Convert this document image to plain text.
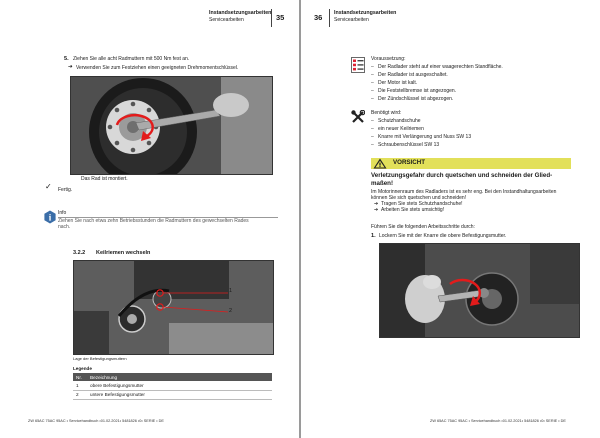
Instandsetzungsarbeiten
Servicearbeiten	35
5. Ziehen Sie alle acht Radmuttern mit 500 Nm fest an.
➔ Verwenden Sie zum Festziehen einen geeigneten Drehmomentschlüssel.
Das Rad ist montiert.
✓ Fertig.
i Info
Ziehen Sie nach etwa zehn Betriebsstunden die Radmuttern des gewechselten Rades
nach.
3.2.2 Keilriemen wechseln
1
2
Lage der Befestigungsmuttern
Legende
Nr.	Bezeichnung
1	obere Befestigungsmutter
2	untere Befestigungsmutter
ZW 65AC 75AC 95AC • Servicehandbuch •01.02.2021• 5481826 •0• SERIE • DE
36 Instandsetzungsarbeiten
Servicearbeiten
Voraussetzung:
– Der Radlader steht auf einer waagerechten Standfläche.
– Der Radlader ist ausgeschaltet.
– Der Motor ist kalt.
– Die Feststellbremse ist angezogen.
– Der Zündschlüssel ist abgezogen.
Benötigt wird:
– Schutzhandschuhe
– ein neuer Keilriemen
– Knarre mit Verlängerung und Nuss SW 13
– Schraubenschlüssel SW 13
VORSICHT
Verletzungsgefahr durch quetschen und schneiden der Glied-
maßen!
Im Motorinnenraum des Radladers ist es sehr eng. Bei den Instandhaltungsarbeiten
können Sie sich quetschen und schneiden!
➔ Tragen Sie stets Schutzhandschuhe!
➔ Arbeiten Sie stets umsichtig!
Führen Sie die folgenden Arbeitsschritte durch:
1. Lockern Sie mit der Knarre die obere Befestigungsmutter.
ZW 65AC 75AC 95AC • Servicehandbuch •01.02.2021• 5481826 •0• SERIE • DE
